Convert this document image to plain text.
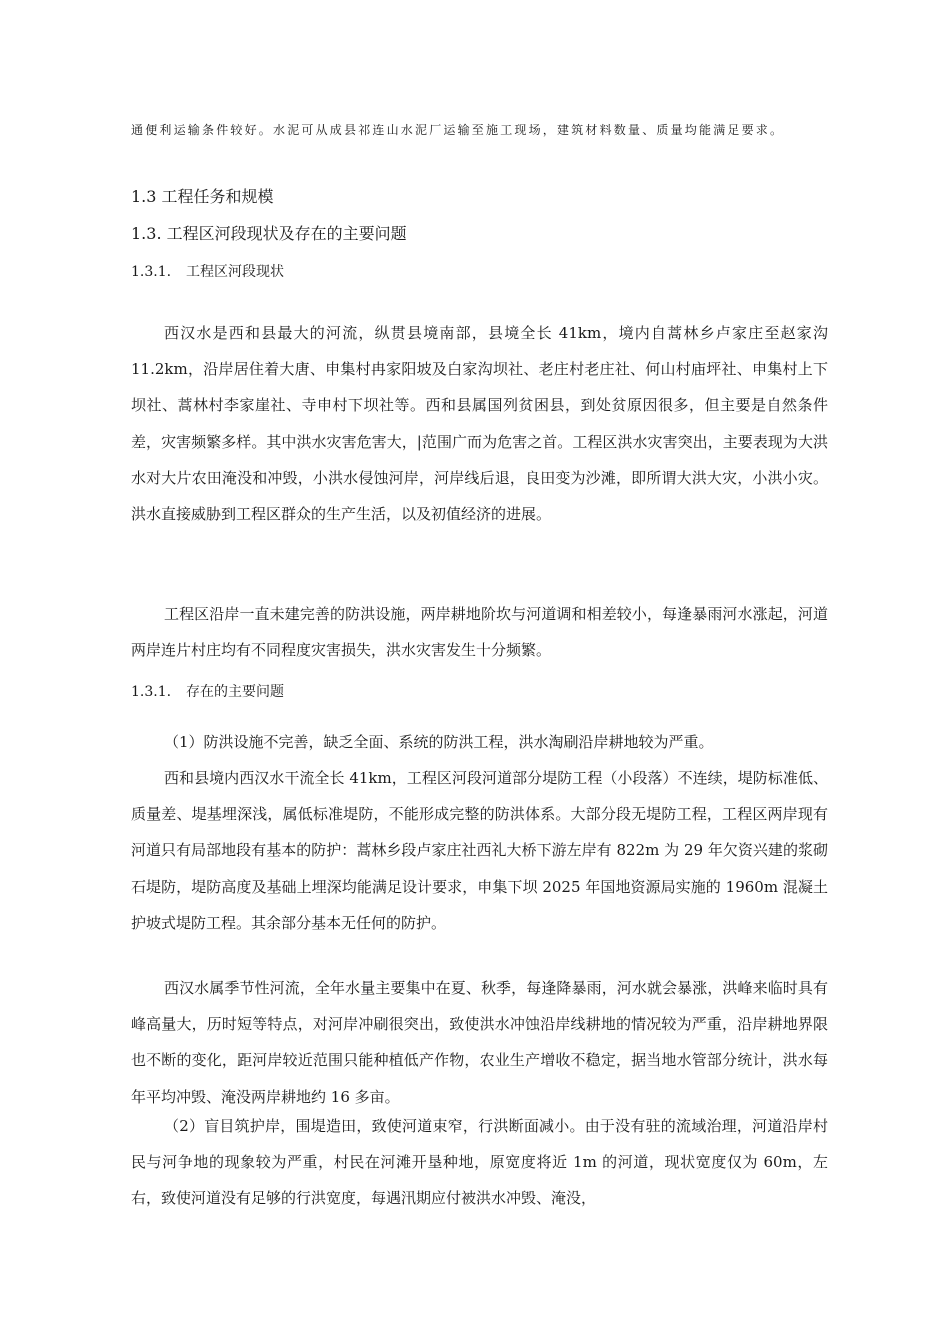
通便利运输条件较好。水泥可从成县祁连山水泥厂运输至施工现场，建筑材料数量、质量均能满足要求。
1.3 工程任务和规模
1.3. 工程区河段现状及存在的主要问题
1.3.1. 工程区河段现状
西汉水是西和县最大的河流，纵贯县境南部，县境全长 41km，境内自蒿林乡卢家庄至赵家沟 11.2km，沿岸居住着大唐、申集村冉家阳坡及白家沟坝社、老庄村老庄社、何山村庙坪社、申集村上下坝社、蒿林村李家崖社、寺申村下坝社等。西和县属国列贫困县，到处贫原因很多，但主要是自然条件差，灾害频繁多样。其中洪水灾害危害大，|范围广而为危害之首。工程区洪水灾害突出，主要表现为大洪水对大片农田淹没和冲毁，小洪水侵蚀河岸，河岸线后退，良田变为沙滩，即所谓大洪大灾，小洪小灾。洪水直接威胁到工程区群众的生产生活，以及初值经济的进展。
工程区沿岸一直未建完善的防洪设施，两岸耕地阶坎与河道调和相差较小，每逢暴雨河水涨起，河道两岸连片村庄均有不同程度灾害损失，洪水灾害发生十分频繁。
1.3.1. 存在的主要问题
（1）防洪设施不完善，缺乏全面、系统的防洪工程，洪水淘刷沿岸耕地较为严重。
西和县境内西汉水干流全长 41km，工程区河段河道部分堤防工程（小段落）不连续，堤防标准低、质量差、堤基埋深浅，属低标准堤防，不能形成完整的防洪体系。大部分段无堤防工程，工程区两岸现有河道只有局部地段有基本的防护：蒿林乡段卢家庄社西礼大桥下游左岸有 822m 为 29 年欠资兴建的浆砌石堤防，堤防高度及基础上埋深均能满足设计要求，申集下坝 2025 年国地资源局实施的 1960m 混凝土护坡式堤防工程。其余部分基本无任何的防护。
西汉水属季节性河流，全年水量主要集中在夏、秋季，每逢降暴雨，河水就会暴涨，洪峰来临时具有峰高量大，历时短等特点，对河岸冲刷很突出，致使洪水冲蚀沿岸线耕地的情况较为严重，沿岸耕地界限也不断的变化，距河岸较近范围只能种植低产作物，农业生产增收不稳定，据当地水管部分统计，洪水每年平均冲毁、淹没两岸耕地约 16 多亩。
（2）盲目筑护岸，围堤造田，致使河道束窄，行洪断面减小。由于没有驻的流域治理，河道沿岸村民与河争地的现象较为严重，村民在河滩开垦种地，原宽度将近 1m 的河道，现状宽度仅为 60m，左右，致使河道没有足够的行洪宽度，每遇汛期应付被洪水冲毁、淹没，
